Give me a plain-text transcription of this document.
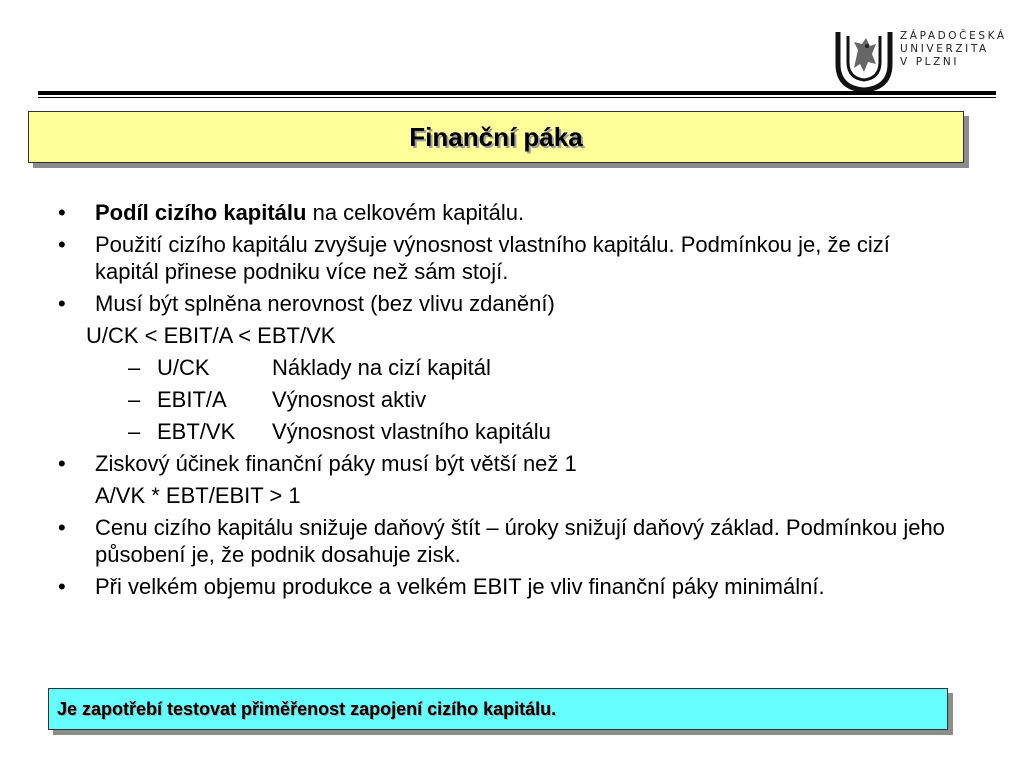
ZÁPADOČESKÁ
UNIVERZITA
V PLZNI
Finanční páka
• Podíl cizího kapitálu na celkovém kapitálu.
• Použití cizího kapitálu zvyšuje výnosnost vlastního kapitálu. Podmínkou je, že cizí kapitál přinese podniku více než sám stojí.
• Musí být splněna nerovnost (bez vlivu zdanění)
U/CK < EBIT/A < EBT/VK
– U/CK	Náklady na cizí kapitál
– EBIT/A Výnosnost aktiv
– EBT/VK Výnosnost vlastního kapitálu
• Ziskový účinek finanční páky musí být větší než 1
A/VK * EBT/EBIT > 1
• Cenu cizího kapitálu snižuje daňový štít – úroky snižují daňový základ. Podmínkou jeho působení je, že podnik dosahuje zisk.
• Při velkém objemu produkce a velkém EBIT je vliv finanční páky minimální.
Je zapotřebí testovat přiměřenost zapojení cizího kapitálu.
